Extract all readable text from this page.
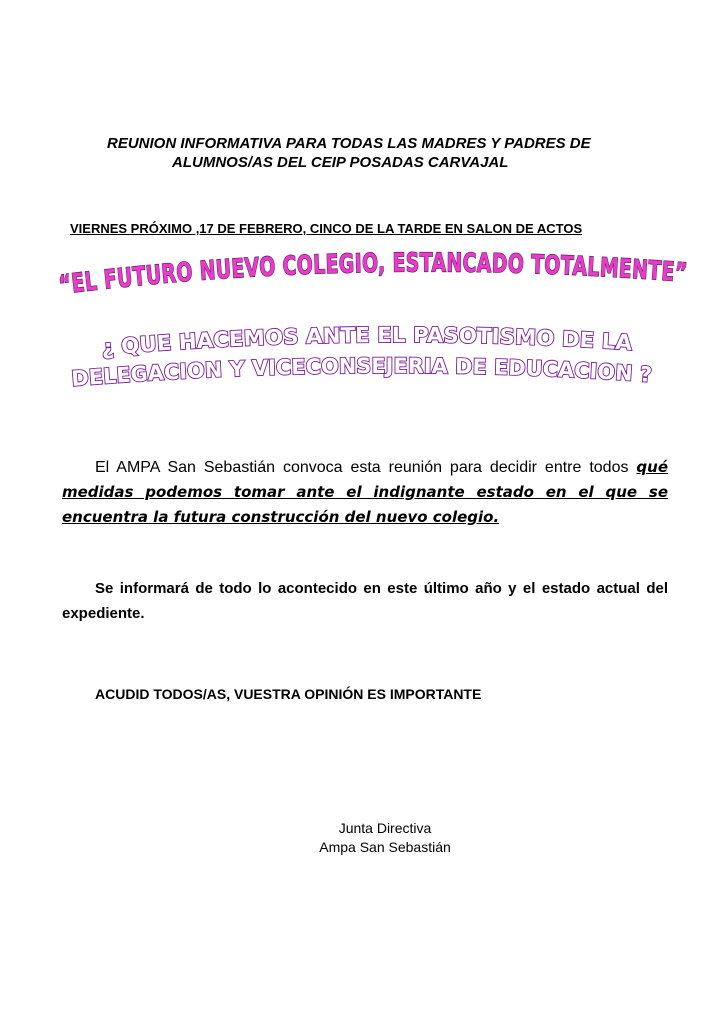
REUNION INFORMATIVA PARA TODAS LAS MADRES Y PADRES DE
ALUMNOS/AS DEL CEIP POSADAS CARVAJAL
VIERNES PRÓXIMO ,17 DE FEBRERO, CINCO DE LA TARDE EN SALON DE ACTOS
“EL FUTURO NUEVO COLEGIO, ESTANCADO TOTALMENTE”
¿ QUE HACEMOS ANTE EL PASOTISMO DE LA
DELEGACION Y VICECONSEJERIA DE EDUCACION ?
El AMPA San Sebastián convoca esta reunión para decidir entre todos qué medidas podemos tomar ante el indignante estado en el que se encuentra la futura construcción del nuevo colegio.
Se informará de todo lo acontecido en este último año y el estado actual del expediente.
ACUDID TODOS/AS, VUESTRA OPINIÓN ES IMPORTANTE
Junta Directiva
Ampa San Sebastián
